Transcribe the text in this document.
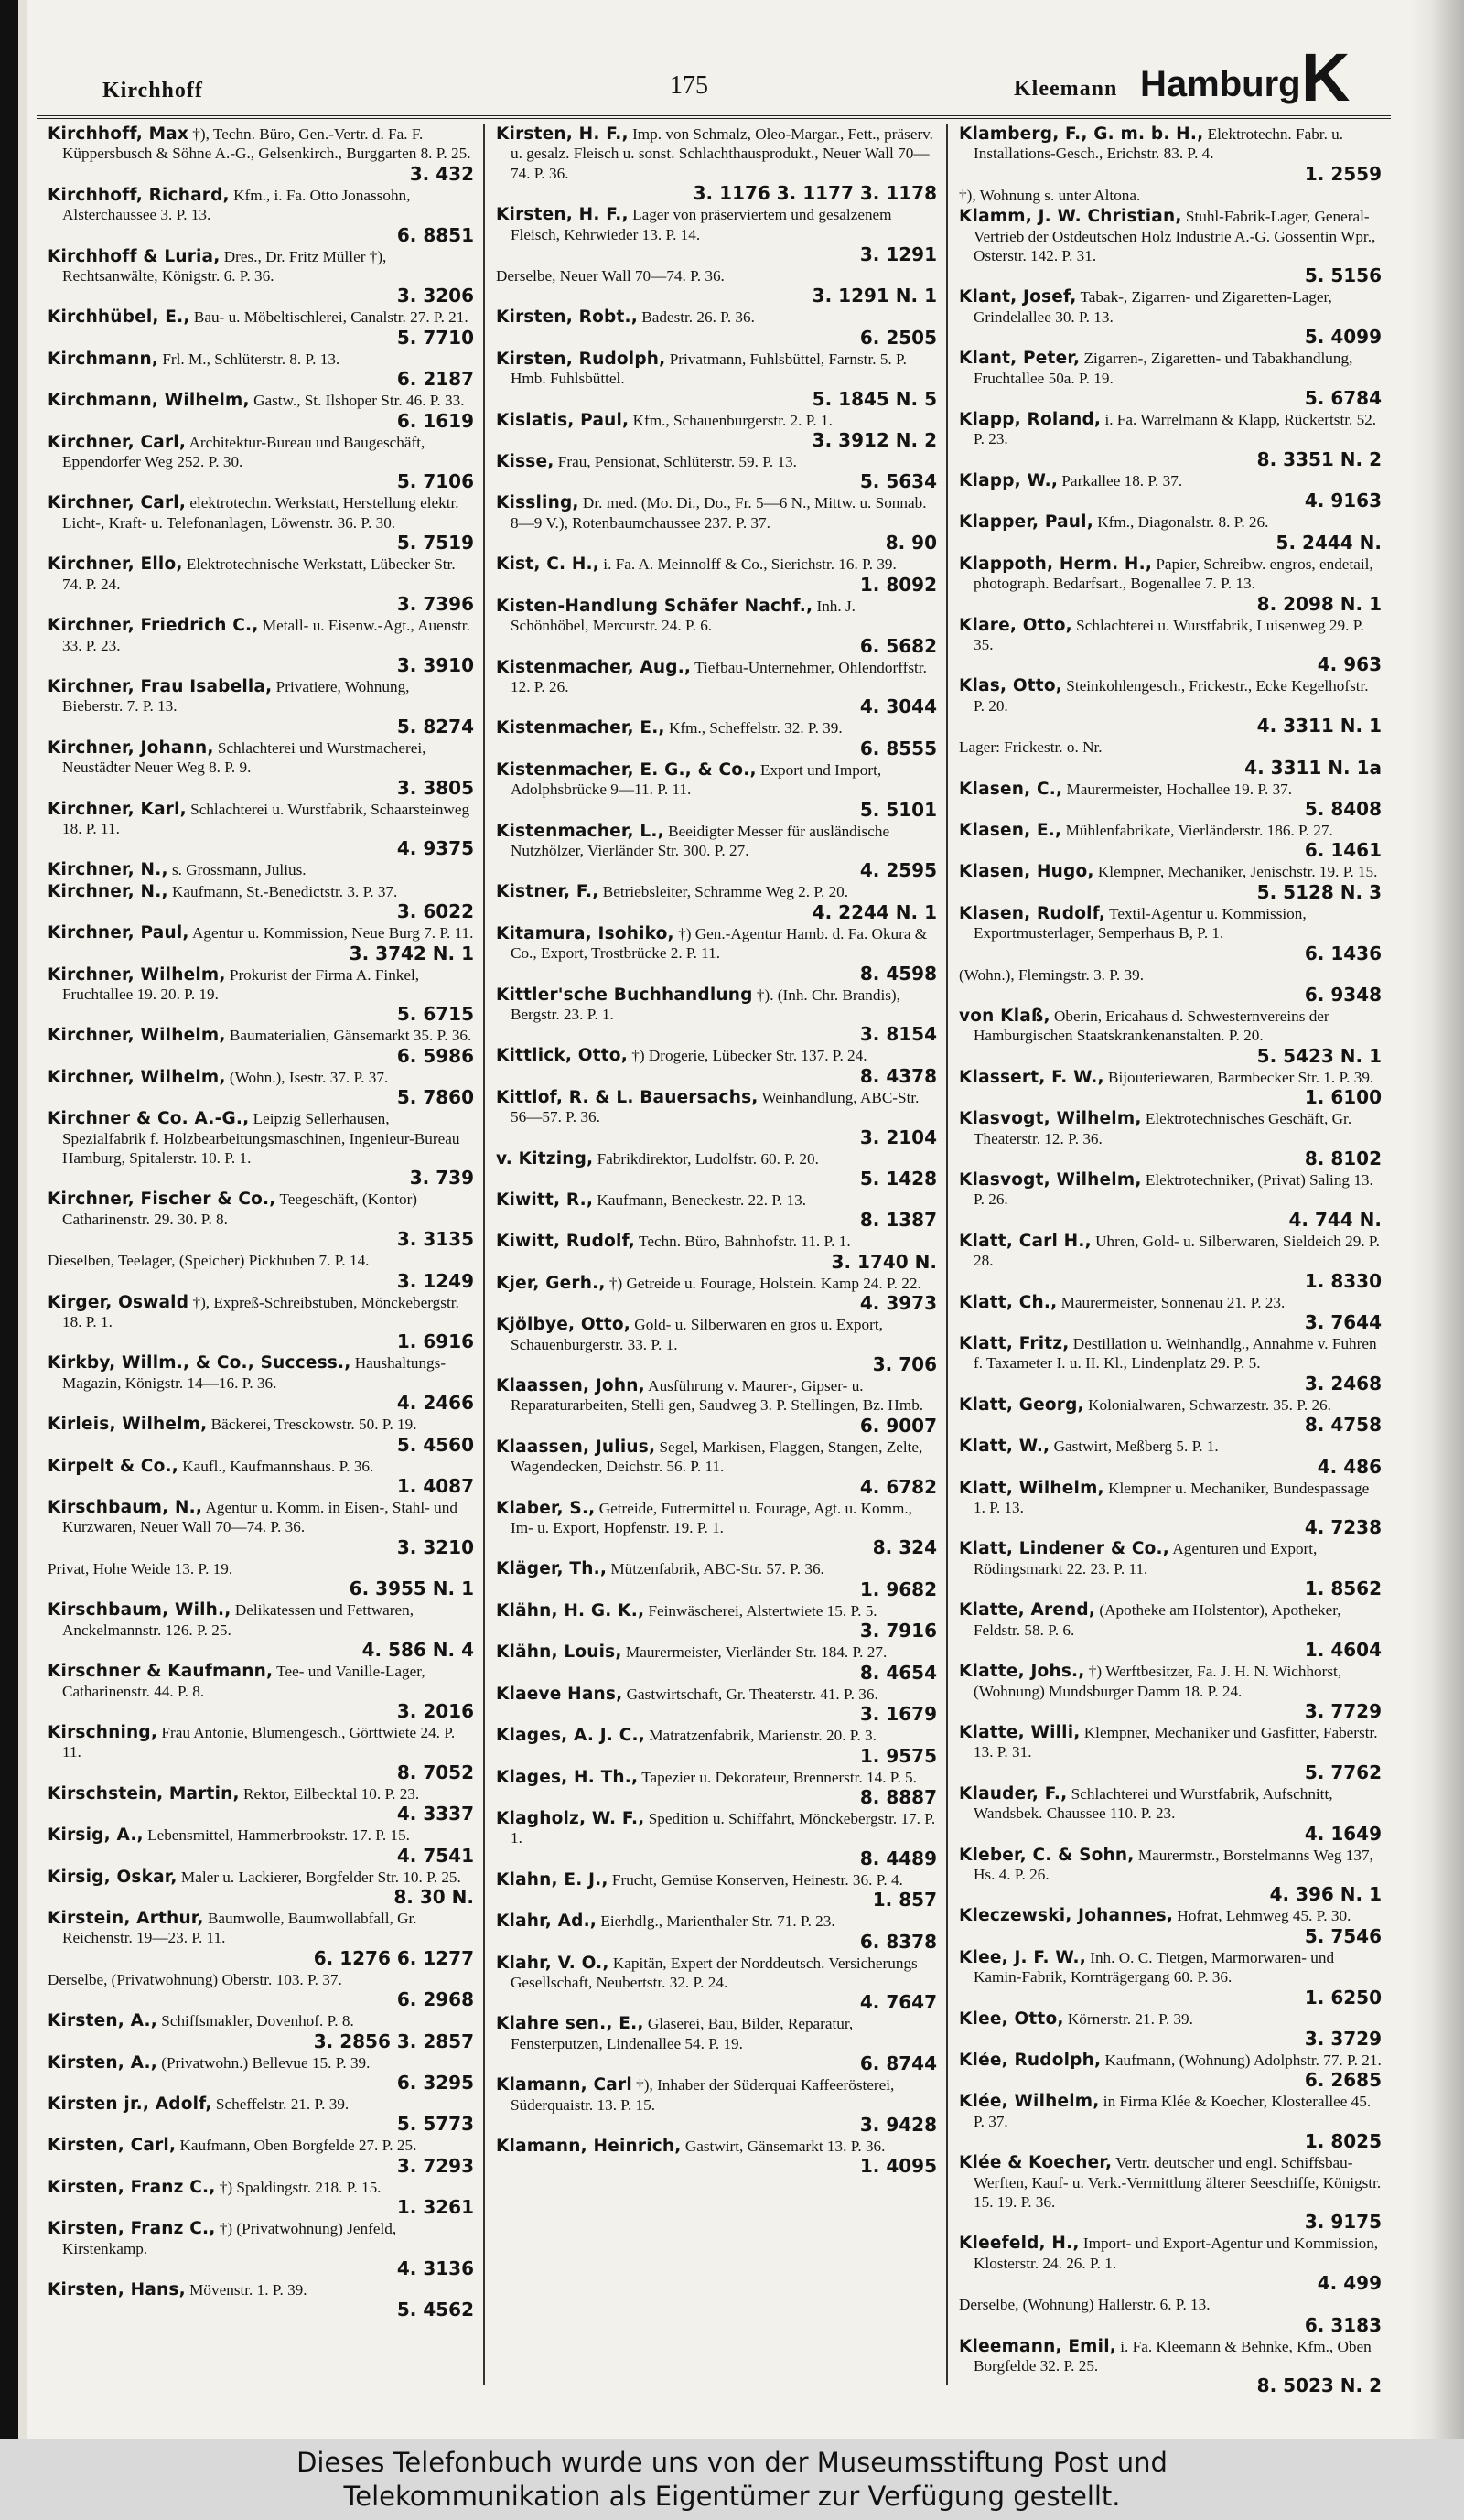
Kirchhoff	175	Kleemann Hamburg K
Kirchhoff, Max †), Techn. Büro, Gen.-Vertr. d. Fa. F. Küppersbusch & Söhne A.-G., Gelsenkirch., Burggarten 8. P. 25.
3. 432
Kirchhoff, Richard, Kfm., i. Fa. Otto Jonassohn, Alsterchaussee 3. P. 13.
6. 8851
Kirchhoff & Luria, Dres., Dr. Fritz Müller †), Rechtsanwälte, Königstr. 6. P. 36.
3. 3206
Kirchhübel, E., Bau- u. Möbeltischlerei, Canalstr. 27. P. 21.
5. 7710
Kirchmann, Frl. M., Schlüterstr. 8. P. 13.
6. 2187
Kirchmann, Wilhelm, Gastw., St. Ilshoper Str. 46. P. 33.
6. 1619
Kirchner, Carl, Architektur-Bureau und Baugeschäft, Eppendorfer Weg 252. P. 30.
5. 7106
Kirchner, Carl, elektrotechn. Werkstatt, Herstellung elektr. Licht-, Kraft- u. Telefonanlagen, Löwenstr. 36. P. 30.
5. 7519
Kirchner, Ello, Elektrotechnische Werkstatt, Lübecker Str. 74. P. 24.
3. 7396
Kirchner, Friedrich C., Metall- u. Eisenw.-Agt., Auenstr. 33. P. 23.
3. 3910
Kirchner, Frau Isabella, Privatiere, Wohnung, Bieberstr. 7. P. 13.
5. 8274
Kirchner, Johann, Schlachterei und Wurstmacherei, Neustädter Neuer Weg 8. P. 9.
3. 3805
Kirchner, Karl, Schlachterei u. Wurstfabrik, Schaarsteinweg 18. P. 11.
4. 9375
Kirchner, N., s. Grossmann, Julius.
Kirchner, N., Kaufmann, St.-Benedictstr. 3. P. 37.
3. 6022
Kirchner, Paul, Agentur u. Kommission, Neue Burg 7. P. 11.
3. 3742 N. 1
Kirchner, Wilhelm, Prokurist der Firma A. Finkel, Fruchtallee 19. 20. P. 19.
5. 6715
Kirchner, Wilhelm, Baumaterialien, Gänsemarkt 35. P. 36.
6. 5986
Kirchner, Wilhelm, (Wohn.), Isestr. 37. P. 37.
5. 7860
Kirchner & Co. A.-G., Leipzig Sellerhausen, Spezialfabrik f. Holzbearbeitungsmaschinen, Ingenieur-Bureau Hamburg, Spitalerstr. 10. P. 1.
3. 739
Kirchner, Fischer & Co., Teegeschäft, (Kontor) Catharinenstr. 29. 30. P. 8.
3. 3135
Dieselben, Teelager, (Speicher) Pickhuben 7. P. 14.
3. 1249
Kirger, Oswald †), Expreß-Schreibstuben, Mönckebergstr. 18. P. 1.
1. 6916
Kirkby, Willm., & Co., Success., Haushaltungs-Magazin, Königstr. 14—16. P. 36.
4. 2466
Kirleis, Wilhelm, Bäckerei, Tresckowstr. 50. P. 19.
5. 4560
Kirpelt & Co., Kaufl., Kaufmannshaus. P. 36.
1. 4087
Kirschbaum, N., Agentur u. Komm. in Eisen-, Stahl- und Kurzwaren, Neuer Wall 70—74. P. 36.
3. 3210
Privat, Hohe Weide 13. P. 19.
6. 3955 N. 1
Kirschbaum, Wilh., Delikatessen und Fettwaren, Anckelmannstr. 126. P. 25.
4. 586 N. 4
Kirschner & Kaufmann, Tee- und Vanille-Lager, Catharinenstr. 44. P. 8.
3. 2016
Kirschning, Frau Antonie, Blumengesch., Görttwiete 24. P. 11.
8. 7052
Kirschstein, Martin, Rektor, Eilbecktal 10. P. 23.
4. 3337
Kirsig, A., Lebensmittel, Hammerbrookstr. 17. P. 15.
4. 7541
Kirsig, Oskar, Maler u. Lackierer, Borgfelder Str. 10. P. 25.
8. 30 N.
Kirstein, Arthur, Baumwolle, Baumwollabfall, Gr. Reichenstr. 19—23. P. 11.
6. 1276 6. 1277
Derselbe, (Privatwohnung) Oberstr. 103. P. 37.
6. 2968
Kirsten, A., Schiffsmakler, Dovenhof. P. 8.
3. 2856 3. 2857
Kirsten, A., (Privatwohn.) Bellevue 15. P. 39.
6. 3295
Kirsten jr., Adolf, Scheffelstr. 21. P. 39.
5. 5773
Kirsten, Carl, Kaufmann, Oben Borgfelde 27. P. 25.
3. 7293
Kirsten, Franz C., †) Spaldingstr. 218. P. 15.
1. 3261
Kirsten, Franz C., †) (Privatwohnung) Jenfeld, Kirstenkamp.
4. 3136
Kirsten, Hans, Mövenstr. 1. P. 39.
5. 4562
Kirsten, H. F., Imp. von Schmalz, Oleo-Margar., Fett., präserv. u. gesalz. Fleisch u. sonst. Schlachthausprodukt., Neuer Wall 70—74. P. 36.
3. 1176 3. 1177 3. 1178
Kirsten, H. F., Lager von präserviertem und gesalzenem Fleisch, Kehrwieder 13. P. 14.
3. 1291
Derselbe, Neuer Wall 70—74. P. 36.
3. 1291 N. 1
Kirsten, Robt., Badestr. 26. P. 36.
6. 2505
Kirsten, Rudolph, Privatmann, Fuhlsbüttel, Farnstr. 5. P. Hmb. Fuhlsbüttel.
5. 1845 N. 5
Kislatis, Paul, Kfm., Schauenburgerstr. 2. P. 1.
3. 3912 N. 2
Kisse, Frau, Pensionat, Schlüterstr. 59. P. 13.
5. 5634
Kissling, Dr. med. (Mo. Di., Do., Fr. 5—6 N., Mittw. u. Sonnab. 8—9 V.), Rotenbaumchaussee 237. P. 37.
8. 90
Kist, C. H., i. Fa. A. Meinnolff & Co., Sierichstr. 16. P. 39.
1. 8092
Kisten-Handlung Schäfer Nachf., Inh. J. Schönhöbel, Mercurstr. 24. P. 6.
6. 5682
Kistenmacher, Aug., Tiefbau-Unternehmer, Ohlendorffstr. 12. P. 26.
4. 3044
Kistenmacher, E., Kfm., Scheffelstr. 32. P. 39.
6. 8555
Kistenmacher, E. G., & Co., Export und Import, Adolphsbrücke 9—11. P. 11.
5. 5101
Kistenmacher, L., Beeidigter Messer für ausländische Nutzhölzer, Vierländer Str. 300. P. 27.
4. 2595
Kistner, F., Betriebsleiter, Schramme Weg 2. P. 20.
4. 2244 N. 1
Kitamura, Isohiko, †) Gen.-Agentur Hamb. d. Fa. Okura & Co., Export, Trostbrücke 2. P. 11.
8. 4598
Kittler'sche Buchhandlung †). (Inh. Chr. Brandis), Bergstr. 23. P. 1.
3. 8154
Kittlick, Otto, †) Drogerie, Lübecker Str. 137. P. 24.
8. 4378
Kittlof, R. & L. Bauersachs, Weinhandlung, ABC-Str. 56—57. P. 36.
3. 2104
v. Kitzing, Fabrikdirektor, Ludolfstr. 60. P. 20.
5. 1428
Kiwitt, R., Kaufmann, Beneckestr. 22. P. 13.
8. 1387
Kiwitt, Rudolf, Techn. Büro, Bahnhofstr. 11. P. 1.
3. 1740 N.
Kjer, Gerh., †) Getreide u. Fourage, Holstein. Kamp 24. P. 22.
4. 3973
Kjölbye, Otto, Gold- u. Silberwaren en gros u. Export, Schauenburgerstr. 33. P. 1.
3. 706
Klaassen, John, Ausführung v. Maurer-, Gipser- u. Reparaturarbeiten, Stelli gen, Saudweg 3. P. Stellingen, Bz. Hmb.
6. 9007
Klaassen, Julius, Segel, Markisen, Flaggen, Stangen, Zelte, Wagendecken, Deichstr. 56. P. 11.
4. 6782
Klaber, S., Getreide, Futtermittel u. Fourage, Agt. u. Komm., Im- u. Export, Hopfenstr. 19. P. 1.
8. 324
Kläger, Th., Mützenfabrik, ABC-Str. 57. P. 36.
1. 9682
Klähn, H. G. K., Feinwäscherei, Alstertwiete 15. P. 5.
3. 7916
Klähn, Louis, Maurermeister, Vierländer Str. 184. P. 27.
8. 4654
Klaeve Hans, Gastwirtschaft, Gr. Theaterstr. 41. P. 36.
3. 1679
Klages, A. J. C., Matratzenfabrik, Marienstr. 20. P. 3.
1. 9575
Klages, H. Th., Tapezier u. Dekorateur, Brennerstr. 14. P. 5.
8. 8887
Klagholz, W. F., Spedition u. Schiffahrt, Mönckebergstr. 17. P. 1.
8. 4489
Klahn, E. J., Frucht, Gemüse Konserven, Heinestr. 36. P. 4.
1. 857
Klahr, Ad., Eierhdlg., Marienthaler Str. 71. P. 23.
6. 8378
Klahr, V. O., Kapitän, Expert der Norddeutsch. Versicherungs Gesellschaft, Neubertstr. 32. P. 24.
4. 7647
Klahre sen., E., Glaserei, Bau, Bilder, Reparatur, Fensterputzen, Lindenallee 54. P. 19.
6. 8744
Klamann, Carl †), Inhaber der Süderquai Kaffeerösterei, Süderquaistr. 13. P. 15.
3. 9428
Klamann, Heinrich, Gastwirt, Gänsemarkt 13. P. 36.
1. 4095
Klamberg, F., G. m. b. H., Elektrotechn. Fabr. u. Installations-Gesch., Erichstr. 83. P. 4.
1. 2559
†), Wohnung s. unter Altona.
Klamm, J. W. Christian, Stuhl-Fabrik-Lager, General-Vertrieb der Ostdeutschen Holz Industrie A.-G. Gossentin Wpr., Osterstr. 142. P. 31.
5. 5156
Klant, Josef, Tabak-, Zigarren- und Zigaretten-Lager, Grindelallee 30. P. 13.
5. 4099
Klant, Peter, Zigarren-, Zigaretten- und Tabakhandlung, Fruchtallee 50a. P. 19.
5. 6784
Klapp, Roland, i. Fa. Warrelmann & Klapp, Rückertstr. 52. P. 23.
8. 3351 N. 2
Klapp, W., Parkallee 18. P. 37.
4. 9163
Klapper, Paul, Kfm., Diagonalstr. 8. P. 26.
5. 2444 N.
Klappoth, Herm. H., Papier, Schreibw. engros, endetail, photograph. Bedarfsart., Bogenallee 7. P. 13.
8. 2098 N. 1
Klare, Otto, Schlachterei u. Wurstfabrik, Luisenweg 29. P. 35.
4. 963
Klas, Otto, Steinkohlengesch., Frickestr., Ecke Kegelhofstr. P. 20.
4. 3311 N. 1
Lager: Frickestr. o. Nr.
4. 3311 N. 1a
Klasen, C., Maurermeister, Hochallee 19. P. 37.
5. 8408
Klasen, E., Mühlenfabrikate, Vierländerstr. 186. P. 27.
6. 1461
Klasen, Hugo, Klempner, Mechaniker, Jenischstr. 19. P. 15.
5. 5128 N. 3
Klasen, Rudolf, Textil-Agentur u. Kommission, Exportmusterlager, Semperhaus B, P. 1.
6. 1436
(Wohn.), Flemingstr. 3. P. 39.
6. 9348
von Klaß, Oberin, Ericahaus d. Schwesternvereins der Hamburgischen Staatskrankenanstalten. P. 20.
5. 5423 N. 1
Klassert, F. W., Bijouteriewaren, Barmbecker Str. 1. P. 39.
1. 6100
Klasvogt, Wilhelm, Elektrotechnisches Geschäft, Gr. Theaterstr. 12. P. 36.
8. 8102
Klasvogt, Wilhelm, Elektrotechniker, (Privat) Saling 13. P. 26.
4. 744 N.
Klatt, Carl H., Uhren, Gold- u. Silberwaren, Sieldeich 29. P. 28.
1. 8330
Klatt, Ch., Maurermeister, Sonnenau 21. P. 23.
3. 7644
Klatt, Fritz, Destillation u. Weinhandlg., Annahme v. Fuhren f. Taxameter I. u. II. Kl., Lindenplatz 29. P. 5.
3. 2468
Klatt, Georg, Kolonialwaren, Schwarzestr. 35. P. 26.
8. 4758
Klatt, W., Gastwirt, Meßberg 5. P. 1.
4. 486
Klatt, Wilhelm, Klempner u. Mechaniker, Bundespassage 1. P. 13.
4. 7238
Klatt, Lindener & Co., Agenturen und Export, Rödingsmarkt 22. 23. P. 11.
1. 8562
Klatte, Arend, (Apotheke am Holstentor), Apotheker, Feldstr. 58. P. 6.
1. 4604
Klatte, Johs., †) Werftbesitzer, Fa. J. H. N. Wichhorst, (Wohnung) Mundsburger Damm 18. P. 24.
3. 7729
Klatte, Willi, Klempner, Mechaniker und Gasfitter, Faberstr. 13. P. 31.
5. 7762
Klauder, F., Schlachterei und Wurstfabrik, Aufschnitt, Wandsbek. Chaussee 110. P. 23.
4. 1649
Kleber, C. & Sohn, Maurermstr., Borstelmanns Weg 137, Hs. 4. P. 26.
4. 396 N. 1
Kleczewski, Johannes, Hofrat, Lehmweg 45. P. 30.
5. 7546
Klee, J. F. W., Inh. O. C. Tietgen, Marmorwaren- und Kamin-Fabrik, Kornträgergang 60. P. 36.
1. 6250
Klee, Otto, Körnerstr. 21. P. 39.
3. 3729
Klée, Rudolph, Kaufmann, (Wohnung) Adolphstr. 77. P. 21.
6. 2685
Klée, Wilhelm, in Firma Klée & Koecher, Klosterallee 45. P. 37.
1. 8025
Klée & Koecher, Vertr. deutscher und engl. Schiffsbau-Werften, Kauf- u. Verk.-Vermittlung älterer Seeschiffe, Königstr. 15. 19. P. 36.
3. 9175
Kleefeld, H., Import- und Export-Agentur und Kommission, Klosterstr. 24. 26. P. 1.
4. 499
Derselbe, (Wohnung) Hallerstr. 6. P. 13.
6. 3183
Kleemann, Emil, i. Fa. Kleemann & Behnke, Kfm., Oben Borgfelde 32. P. 25.
8. 5023 N. 2
Dieses Telefonbuch wurde uns von der Museumsstiftung Post und
Telekommunikation als Eigentümer zur Verfügung gestellt.
